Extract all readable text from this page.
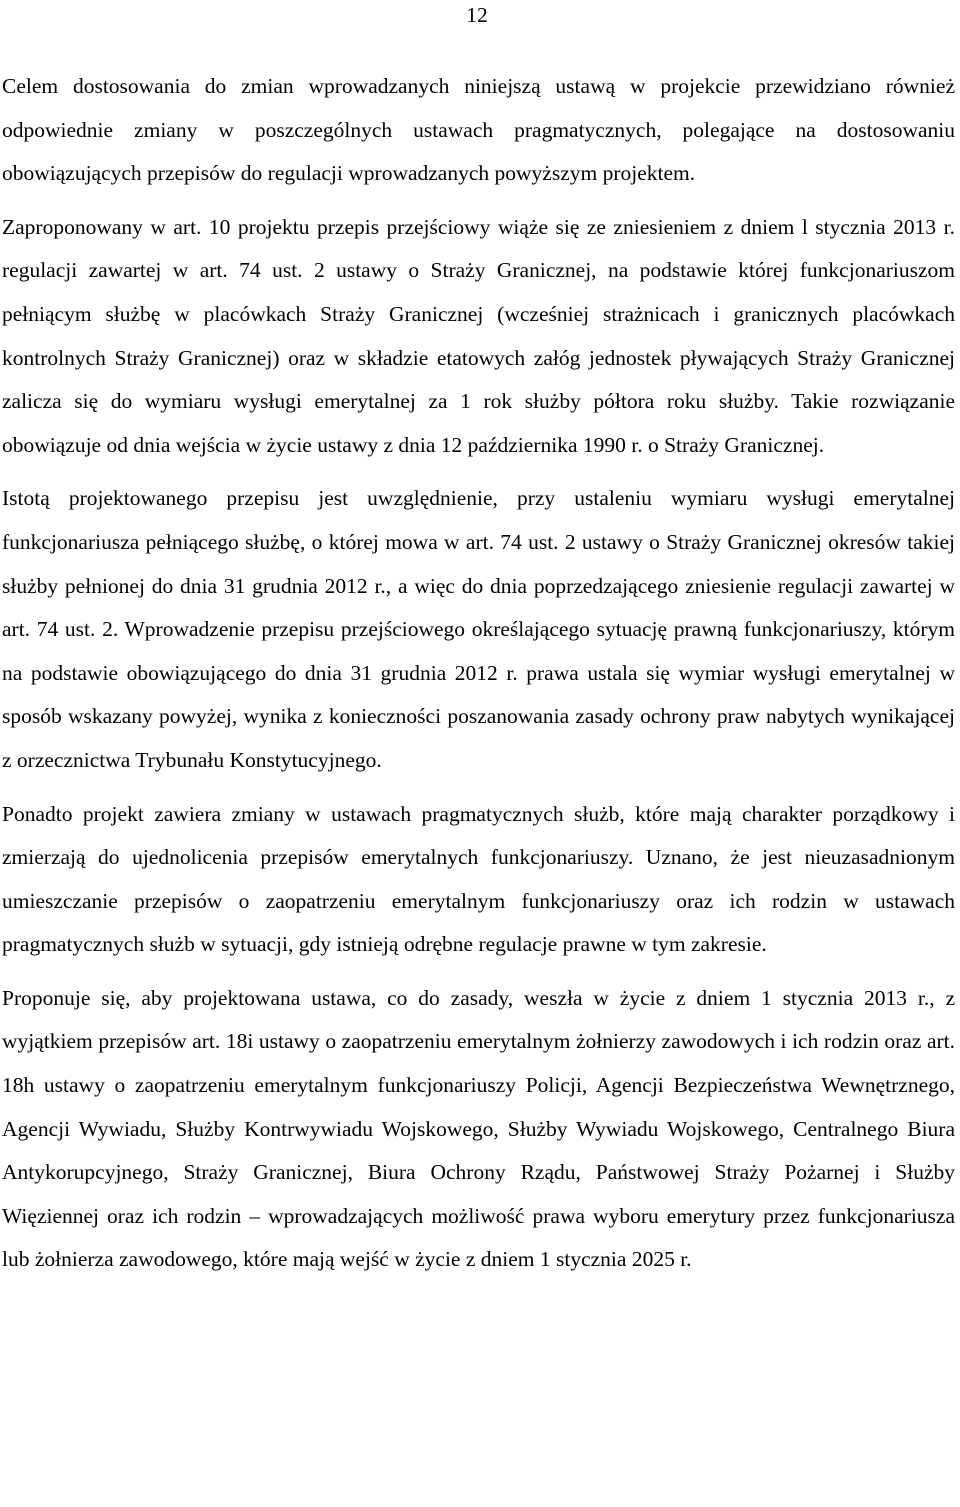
12

Celem dostosowania do zmian wprowadzanych niniejszą ustawą w projekcie przewidziano również odpowiednie zmiany w poszczególnych ustawach pragmatycznych, polegające na dostosowaniu obowiązujących przepisów do regulacji wprowadzanych powyższym projektem.

Zaproponowany w art. 10 projektu przepis przejściowy wiąże się ze zniesieniem z dniem l stycznia 2013 r. regulacji zawartej w art. 74 ust. 2 ustawy o Straży Granicznej, na podstawie której funkcjonariuszom pełniącym służbę w placówkach Straży Granicznej (wcześniej strażnicach i granicznych placówkach kontrolnych Straży Granicznej) oraz w składzie etatowych załóg jednostek pływających Straży Granicznej zalicza się do wymiaru wysługi emerytalnej za 1 rok służby półtora roku służby. Takie rozwiązanie obowiązuje od dnia wejścia w życie ustawy z dnia 12 października 1990 r. o Straży Granicznej.

Istotą projektowanego przepisu jest uwzględnienie, przy ustaleniu wymiaru wysługi emerytalnej funkcjonariusza pełniącego służbę, o której mowa w art. 74 ust. 2 ustawy o Straży Granicznej okresów takiej służby pełnionej do dnia 31 grudnia 2012 r., a więc do dnia poprzedzającego zniesienie regulacji zawartej w art. 74 ust. 2. Wprowadzenie przepisu przejściowego określającego sytuację prawną funkcjonariuszy, którym na podstawie obowiązującego do dnia 31 grudnia 2012 r. prawa ustala się wymiar wysługi emerytalnej w sposób wskazany powyżej, wynika z konieczności poszanowania zasady ochrony praw nabytych wynikającej z orzecznictwa Trybunału Konstytucyjnego.

Ponadto projekt zawiera zmiany w ustawach pragmatycznych służb, które mają charakter porządkowy i zmierzają do ujednolicenia przepisów emerytalnych funkcjonariuszy. Uznano, że jest nieuzasadnionym umieszczanie przepisów o zaopatrzeniu emerytalnym funkcjonariuszy oraz ich rodzin w ustawach pragmatycznych służb w sytuacji, gdy istnieją odrębne regulacje prawne w tym zakresie.

Proponuje się, aby projektowana ustawa, co do zasady, weszła w życie z dniem 1 stycznia 2013 r., z wyjątkiem przepisów art. 18i ustawy o zaopatrzeniu emerytalnym żołnierzy zawodowych i ich rodzin oraz art. 18h ustawy o zaopatrzeniu emerytalnym funkcjonariuszy Policji, Agencji Bezpieczeństwa Wewnętrznego, Agencji Wywiadu, Służby Kontrwywiadu Wojskowego, Służby Wywiadu Wojskowego, Centralnego Biura Antykorupcyjnego, Straży Granicznej, Biura Ochrony Rządu, Państwowej Straży Pożarnej i Służby Więziennej oraz ich rodzin – wprowadzających możliwość prawa wyboru emerytury przez funkcjonariusza lub żołnierza zawodowego, które mają wejść w życie z dniem 1 stycznia 2025 r.
